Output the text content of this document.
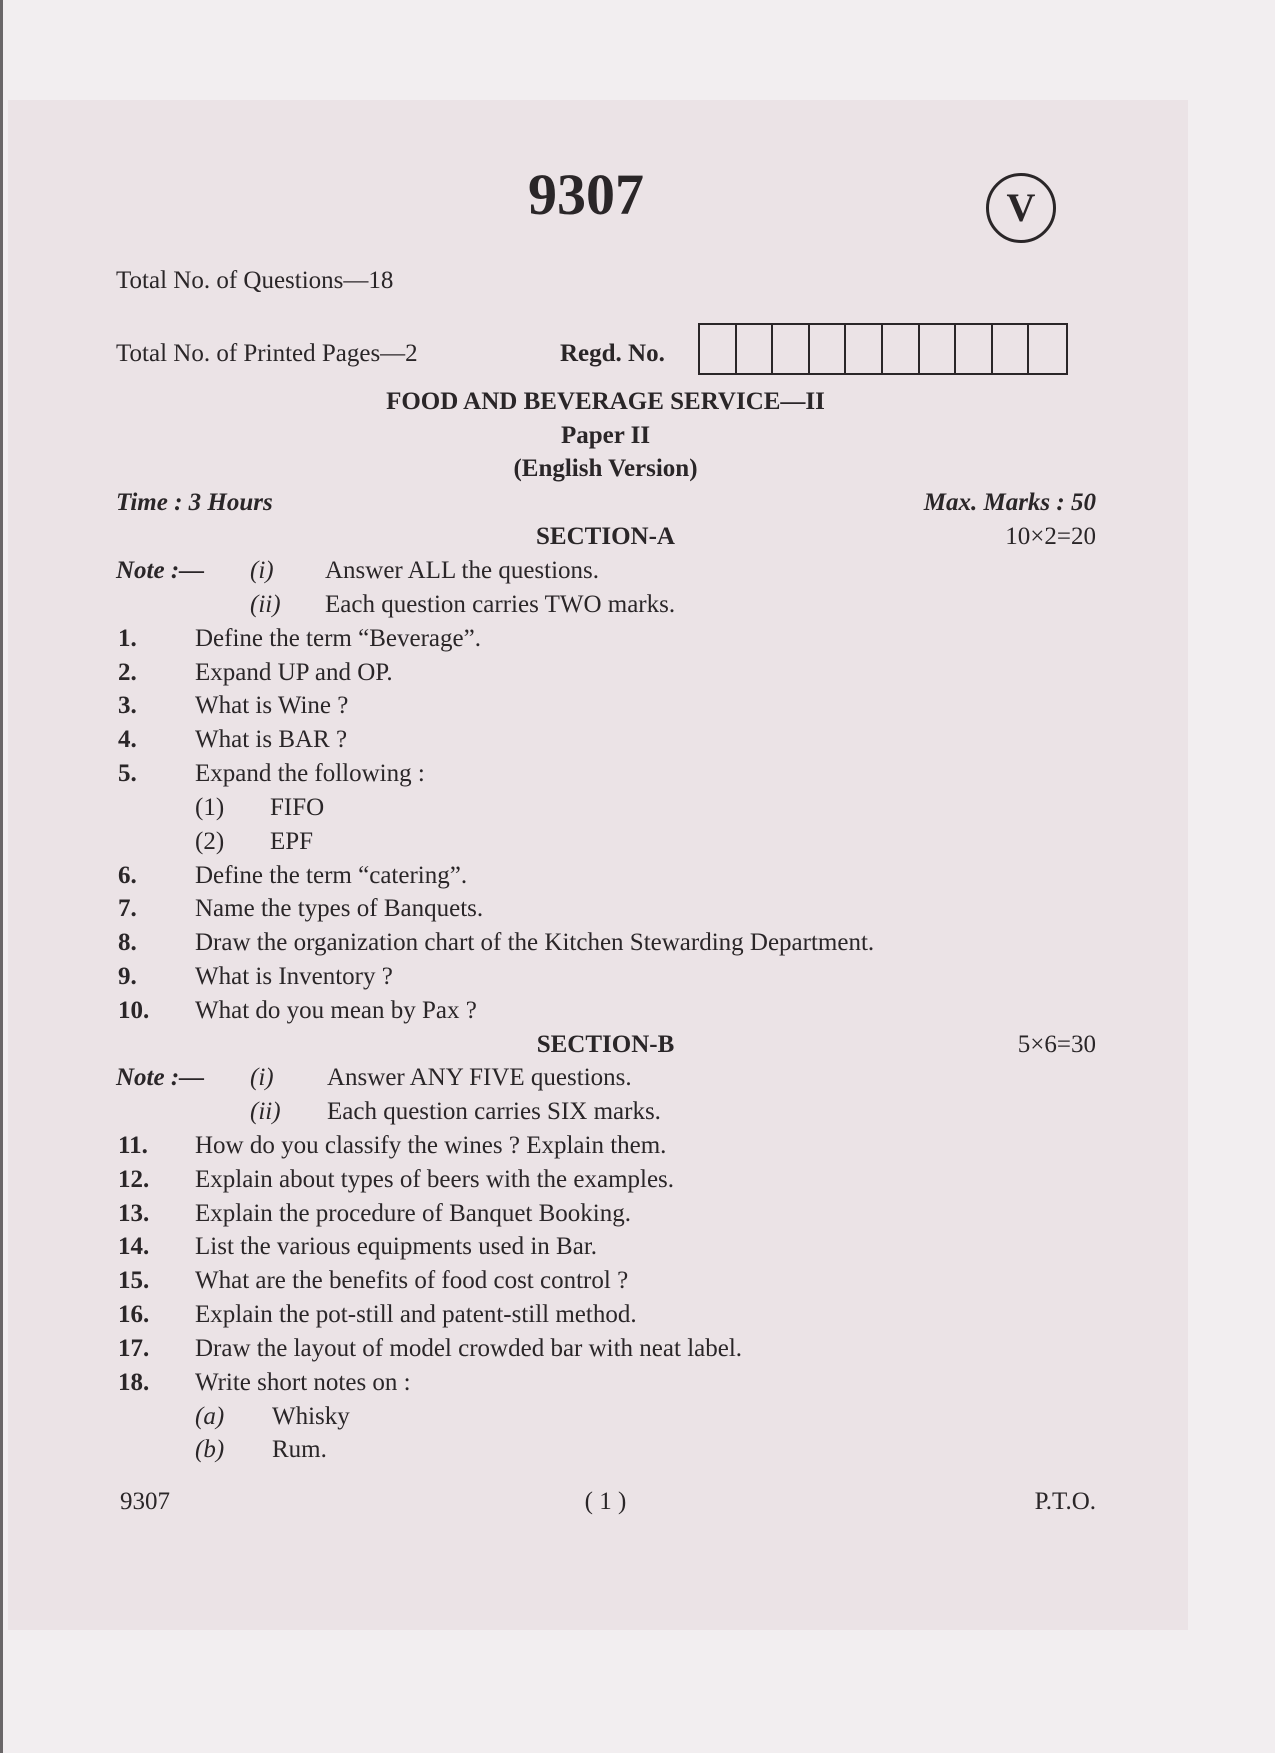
9307	V
Total No. of Questions—18
Total No. of Printed Pages—2	Regd. No.
FOOD AND BEVERAGE SERVICE—II
Paper II
(English Version)
Time : 3 Hours	Max. Marks : 50
SECTION-A	10×2=20
Note :— (i) Answer ALL the questions.
(ii) Each question carries TWO marks.
1. Define the term “Beverage”.
2. Expand UP and OP.
3. What is Wine ?
4. What is BAR ?
5. Expand the following :
(1) FIFO
(2) EPF
6. Define the term “catering”.
7. Name the types of Banquets.
8. Draw the organization chart of the Kitchen Stewarding Department.
9. What is Inventory ?
10. What do you mean by Pax ?
SECTION-B	5×6=30
Note :— (i) Answer ANY FIVE questions.
(ii) Each question carries SIX marks.
11. How do you classify the wines ? Explain them.
12. Explain about types of beers with the examples.
13. Explain the procedure of Banquet Booking.
14. List the various equipments used in Bar.
15. What are the benefits of food cost control ?
16. Explain the pot-still and patent-still method.
17. Draw the layout of model crowded bar with neat label.
18. Write short notes on :
(a) Whisky
(b) Rum.
9307	( 1 )	P.T.O.
